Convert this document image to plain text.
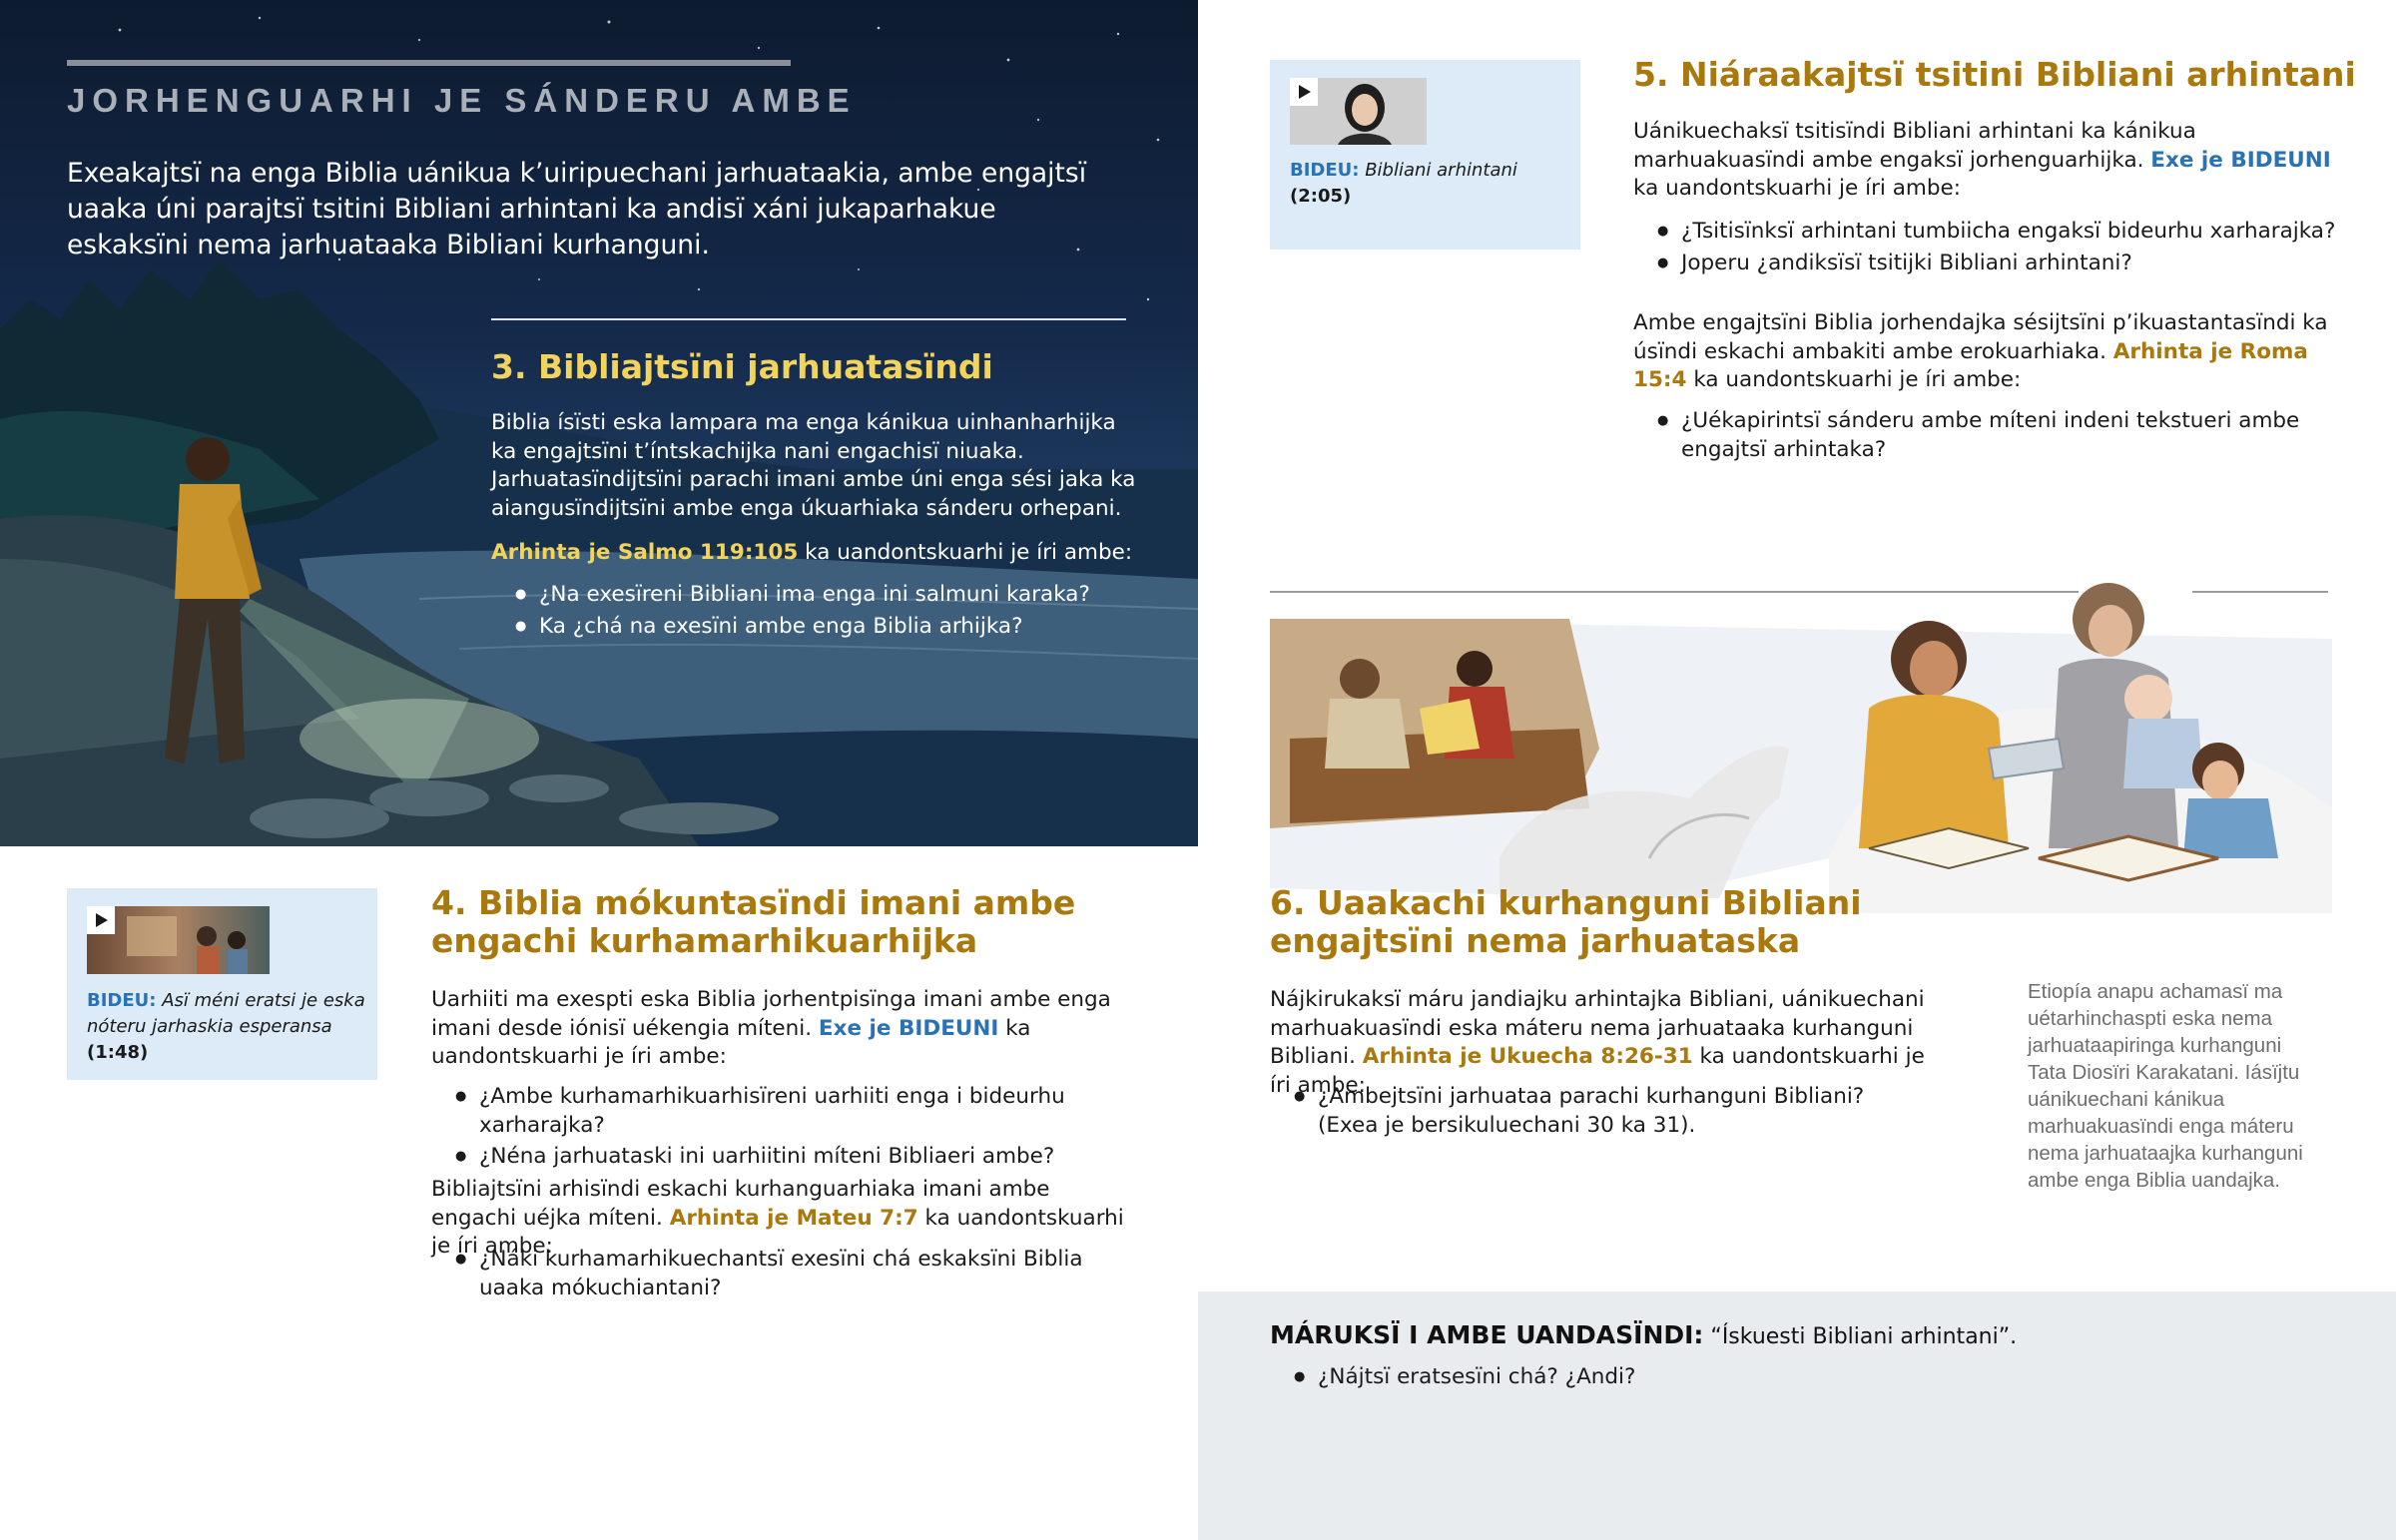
JORHENGUARHI JE SÁNDERU AMBE
Exeakajtsï na enga Biblia uánikua k’uiripuechani jarhuataakia, ambe engajtsï uaaka úni parajtsï tsitini Bibliani arhintani ka andisï xáni jukaparhakue eskaksïni nema jarhuataaka Bibliani kurhanguni.
3. Bibliajtsïni jarhuatasïndi
Biblia ísïsti eska lampara ma enga kánikua uinhanharhijka ka engajtsïni t’íntskachijka nani engachisï niuaka. Jarhuatasïndijtsïni parachi imani ambe úni enga sési jaka ka aiangusïndijtsïni ambe enga úkuarhiaka sánderu orhepani.
Arhinta je Salmo 119:105 ka uandontskuarhi je íri ambe:
● ¿Na exesïreni Bibliani ima enga ini salmuni karaka?
● Ka ¿chá na exesïni ambe enga Biblia arhijka?
BIDEU: Asï méni eratsi je eska nóteru jarhaskia esperansa (1:48)
4. Biblia mókuntasïndi imani ambe
engachi kurhamarhikuarhijka
Uarhiiti ma exespti eska Biblia jorhentpisïnga imani ambe enga imani desde iónisï uékengia míteni. Exe je BIDEUNI ka uandontskuarhi je íri ambe:
● ¿Ambe kurhamarhikuarhisïreni uarhiiti enga i bideurhu xarharajka?
● ¿Néna jarhuataski ini uarhiitini míteni Bibliaeri ambe?
Bibliajtsïni arhisïndi eskachi kurhanguarhiaka imani ambe engachi uéjka míteni. Arhinta je Mateu 7:7 ka uandontskuarhi je íri ambe:
● ¿Náki kurhamarhikuechantsï exesïni chá eskaksïni Biblia uaaka mókuchiantani?
BIDEU: Bibliani arhintani
(2:05)
5. Niáraakajtsï tsitini Bibliani arhintani
Uánikuechaksï tsitisïndi Bibliani arhintani ka kánikua marhuakuasïndi ambe engaksï jorhenguarhijka. Exe je BIDEUNI ka uandontskuarhi je íri ambe:
● ¿Tsitisïnksï arhintani tumbiicha engaksï bideurhu xarharajka?
● Joperu ¿andiksïsï tsitijki Bibliani arhintani?
Ambe engajtsïni Biblia jorhendajka sésijtsïni p’ikuastantasïndi ka úsïndi eskachi ambakiti ambe erokuarhiaka. Arhinta je Roma 15:4 ka uandontskuarhi je íri ambe:
● ¿Uékapirintsï sánderu ambe míteni indeni tekstueri ambe engajtsï arhintaka?
6. Uaakachi kurhanguni Bibliani
engajtsïni nema jarhuataska
Nájkirukaksï máru jandiajku arhintajka Bibliani, uánikuechani marhuakuasïndi eska máteru nema jarhuataaka kurhanguni Bibliani. Arhinta je Ukuecha 8:26-31 ka uandontskuarhi je íri ambe:
● ¿Ambejtsïni jarhuataa parachi kurhanguni Bibliani? (Exea je bersikuluechani 30 ka 31).
Etiopía anapu achamasï ma uétarhinchaspti eska nema jarhuataapiringa kurhanguni Tata Diosïri Karakatani. Iásïjtu uánikuechani kánikua marhuakuasïndi enga máteru nema jarhuataajka kurhanguni ambe enga Biblia uandajka.
MÁRUKSÏ I AMBE UANDASÏNDI: “Ískuesti Bibliani arhintani”.
● ¿Nájtsï eratsesïni chá? ¿Andi?
